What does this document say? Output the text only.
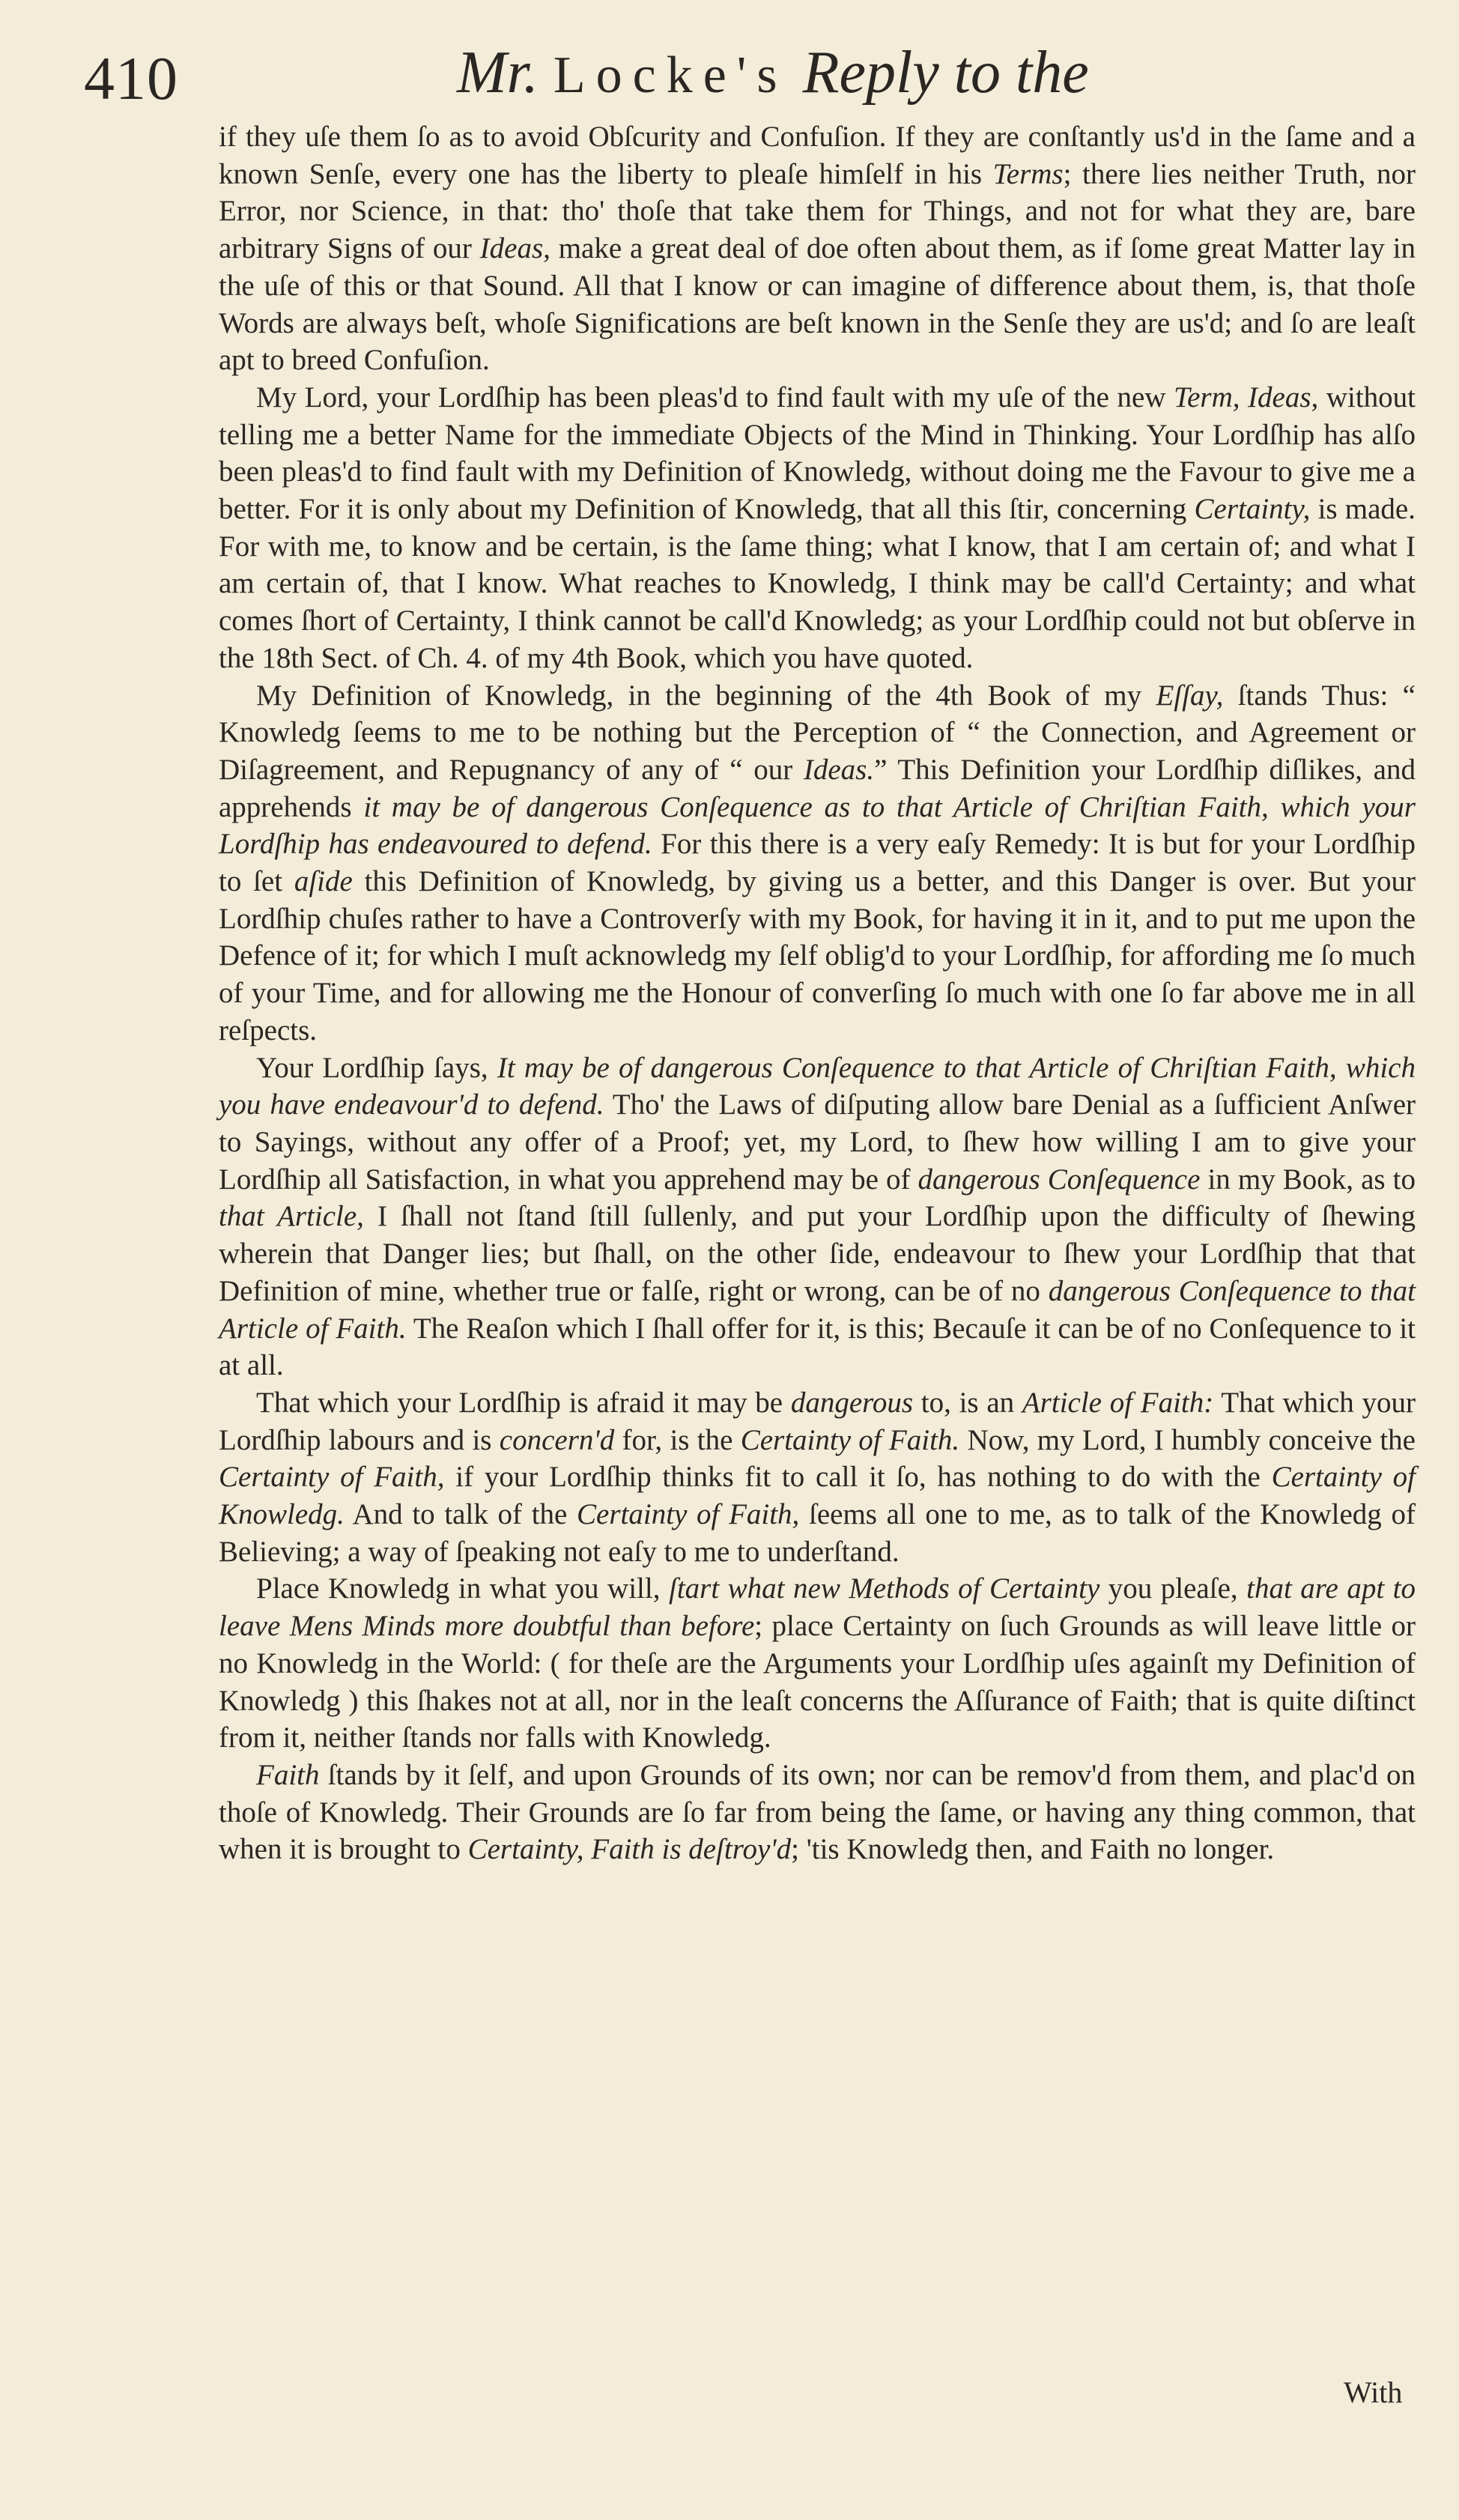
410	Mr. Locke's Reply to the

if they uſe them ſo as to avoid Obſcurity and Confuſion. If they are conſtantly us'd in the ſame and a known Senſe, every one has the liberty to pleaſe himſelf in his Terms; there lies neither Truth, nor Error, nor Science, in that: tho' thoſe that take them for Things, and not for what they are, bare arbitrary Signs of our Ideas, make a great deal of doe often about them, as if ſome great Matter lay in the uſe of this or that Sound. All that I know or can imagine of difference about them, is, that thoſe Words are always beſt, whoſe Significations are beſt known in the Senſe they are us'd; and ſo are leaſt apt to breed Confuſion.

My Lord, your Lordſhip has been pleas'd to find fault with my uſe of the new Term, Ideas, without telling me a better Name for the immediate Objects of the Mind in Thinking. Your Lordſhip has alſo been pleas'd to find fault with my Definition of Knowledg, without doing me the Favour to give me a better. For it is only about my Definition of Knowledg, that all this ſtir, concerning Certainty, is made. For with me, to know and be certain, is the ſame thing; what I know, that I am certain of; and what I am certain of, that I know. What reaches to Knowledg, I think may be call'd Certainty; and what comes ſhort of Certainty, I think cannot be call'd Knowledg; as your Lordſhip could not but obſerve in the 18th Sect. of Ch. 4. of my 4th Book, which you have quoted.

My Definition of Knowledg, in the beginning of the 4th Book of my Eſſay, ſtands Thus: “ Knowledg ſeems to me to be nothing but the Perception of “ the Connection, and Agreement or Diſagreement, and Repugnancy of any of “ our Ideas.” This Definition your Lordſhip diſlikes, and apprehends it may be of dangerous Conſequence as to that Article of Chriſtian Faith, which your Lordſhip has endeavoured to defend. For this there is a very eaſy Remedy: It is but for your Lordſhip to ſet aſide this Definition of Knowledg, by giving us a better, and this Danger is over. But your Lordſhip chuſes rather to have a Controverſy with my Book, for having it in it, and to put me upon the Defence of it; for which I muſt acknowledg my ſelf oblig'd to your Lordſhip, for affording me ſo much of your Time, and for allowing me the Honour of converſing ſo much with one ſo far above me in all reſpects.

Your Lordſhip ſays, It may be of dangerous Conſequence to that Article of Chriſtian Faith, which you have endeavour'd to defend. Tho' the Laws of diſputing allow bare Denial as a ſufficient Anſwer to Sayings, without any offer of a Proof; yet, my Lord, to ſhew how willing I am to give your Lordſhip all Satisfaction, in what you apprehend may be of dangerous Conſequence in my Book, as to that Article, I ſhall not ſtand ſtill ſullenly, and put your Lordſhip upon the difficulty of ſhewing wherein that Danger lies; but ſhall, on the other ſide, endeavour to ſhew your Lordſhip that that Definition of mine, whether true or falſe, right or wrong, can be of no dangerous Conſequence to that Article of Faith. The Reaſon which I ſhall offer for it, is this; Becauſe it can be of no Conſequence to it at all.

That which your Lordſhip is afraid it may be dangerous to, is an Article of Faith: That which your Lordſhip labours and is concern'd for, is the Certainty of Faith. Now, my Lord, I humbly conceive the Certainty of Faith, if your Lordſhip thinks fit to call it ſo, has nothing to do with the Certainty of Knowledg. And to talk of the Certainty of Faith, ſeems all one to me, as to talk of the Knowledg of Believing; a way of ſpeaking not eaſy to me to underſtand.

Place Knowledg in what you will, ſtart what new Methods of Certainty you pleaſe, that are apt to leave Mens Minds more doubtful than before; place Certainty on ſuch Grounds as will leave little or no Knowledg in the World: ( for theſe are the Arguments your Lordſhip uſes againſt my Definition of Knowledg ) this ſhakes not at all, nor in the leaſt concerns the Aſſurance of Faith; that is quite diſtinct from it, neither ſtands nor falls with Knowledg.

Faith ſtands by it ſelf, and upon Grounds of its own; nor can be remov'd from them, and plac'd on thoſe of Knowledg. Their Grounds are ſo far from being the ſame, or having any thing common, that when it is brought to Certainty, Faith is deſtroy'd; 'tis Knowledg then, and Faith no longer.

With
